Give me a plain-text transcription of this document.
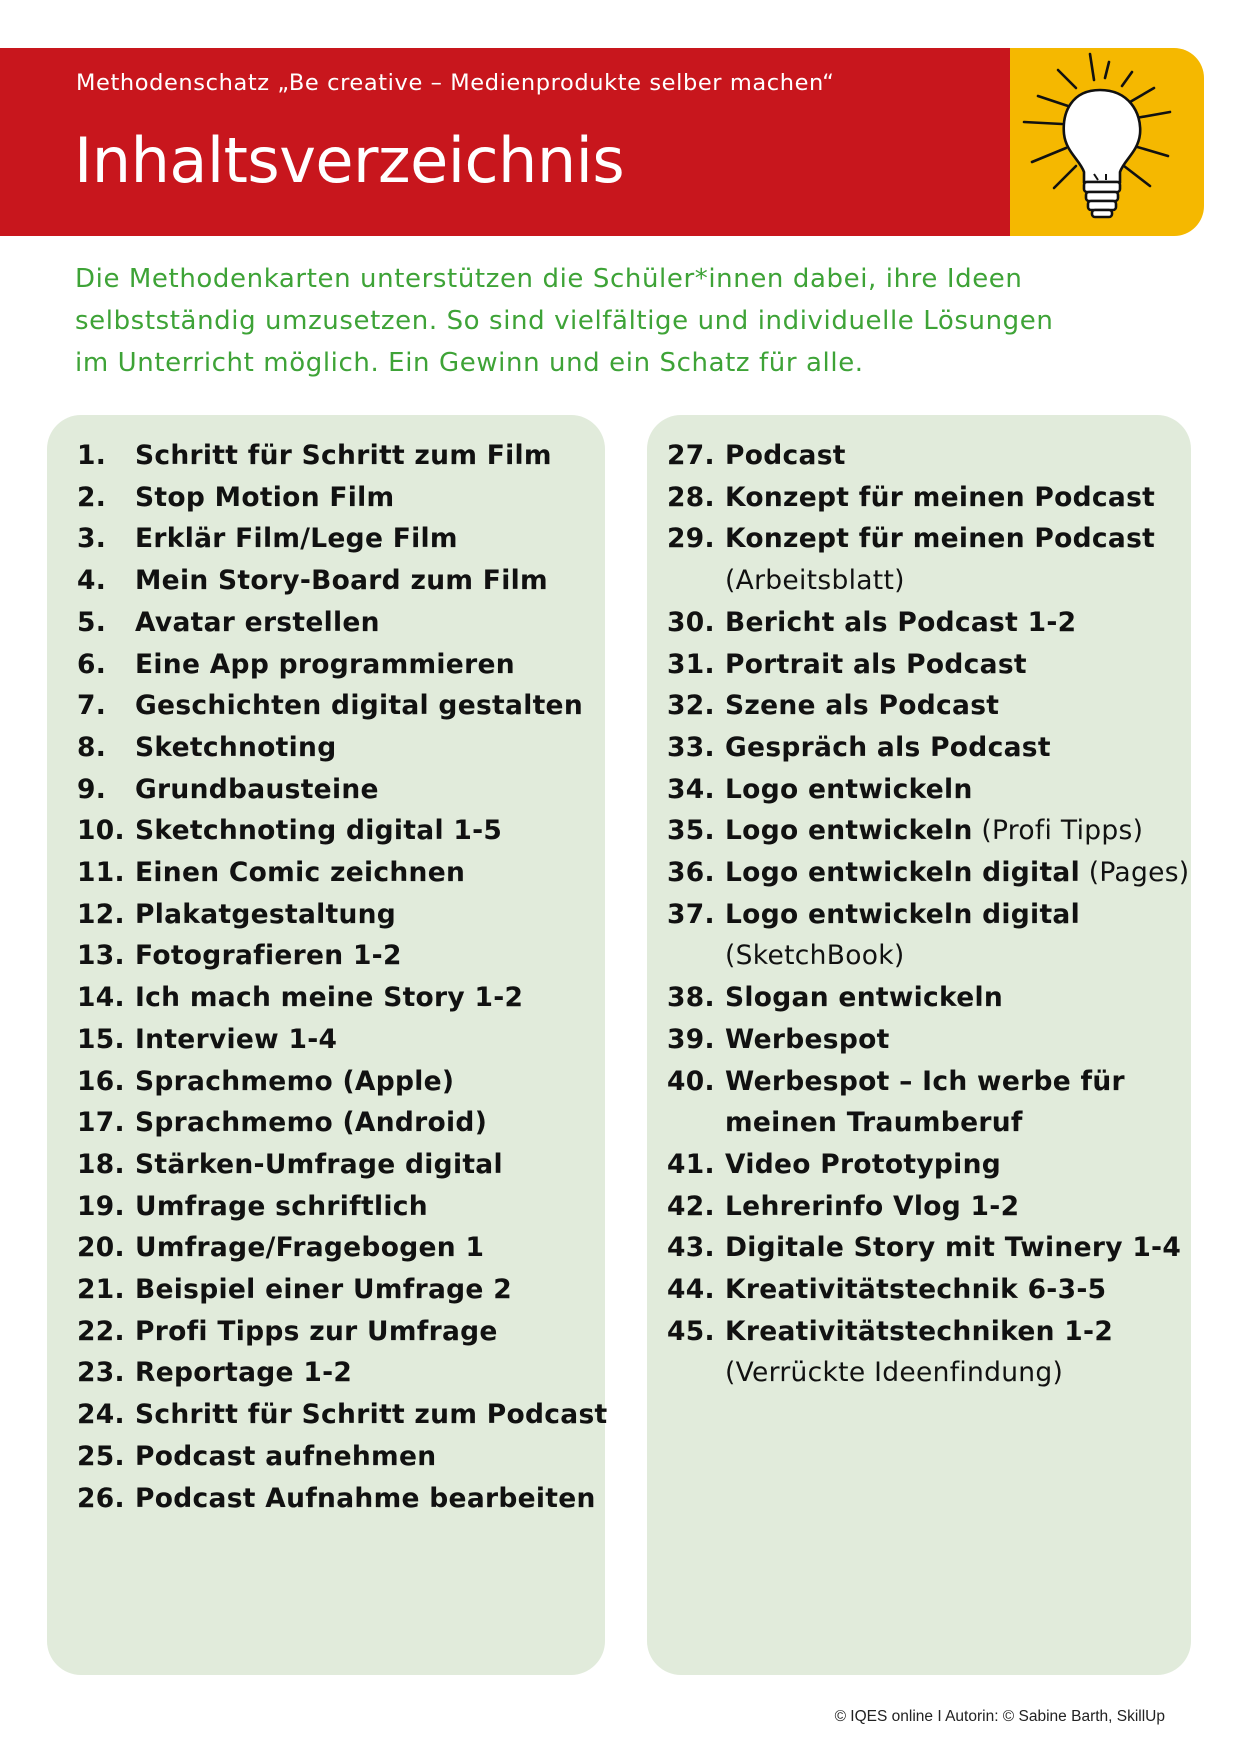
Methodenschatz „Be creative – Medienprodukte selber machen“
Inhaltsverzeichnis
Die Methodenkarten unterstützen die Schüler*innen dabei, ihre Ideen
selbstständig umzusetzen. So sind vielfältige und individuelle Lösungen
im Unterricht möglich. Ein Gewinn und ein Schatz für alle.
1. Schritt für Schritt zum Film
2. Stop Motion Film
3. Erklär Film/Lege Film
4. Mein Story-Board zum Film
5. Avatar erstellen
6. Eine App programmieren
7. Geschichten digital gestalten
8. Sketchnoting
9. Grundbausteine
10. Sketchnoting digital 1-5
11. Einen Comic zeichnen
12. Plakatgestaltung
13. Fotografieren 1-2
14. Ich mach meine Story 1-2
15. Interview 1-4
16. Sprachmemo (Apple)
17. Sprachmemo (Android)
18. Stärken-Umfrage digital
19. Umfrage schriftlich
20. Umfrage/Fragebogen 1
21. Beispiel einer Umfrage 2
22. Profi Tipps zur Umfrage
23. Reportage 1-2
24. Schritt für Schritt zum Podcast
25. Podcast aufnehmen
26. Podcast Aufnahme bearbeiten
27. Podcast
28. Konzept für meinen Podcast
29. Konzept für meinen Podcast
(Arbeitsblatt)
30. Bericht als Podcast 1-2
31. Portrait als Podcast
32. Szene als Podcast
33. Gespräch als Podcast
34. Logo entwickeln
35. Logo entwickeln (Profi Tipps)
36. Logo entwickeln digital (Pages)
37. Logo entwickeln digital
(SketchBook)
38. Slogan entwickeln
39. Werbespot
40. Werbespot – Ich werbe für
meinen Traumberuf
41. Video Prototyping
42. Lehrerinfo Vlog 1-2
43. Digitale Story mit Twinery 1-4
44. Kreativitätstechnik 6-3-5
45. Kreativitätstechniken 1-2
(Verrückte Ideenfindung)
© IQES online I Autorin: © Sabine Barth, SkillUp
